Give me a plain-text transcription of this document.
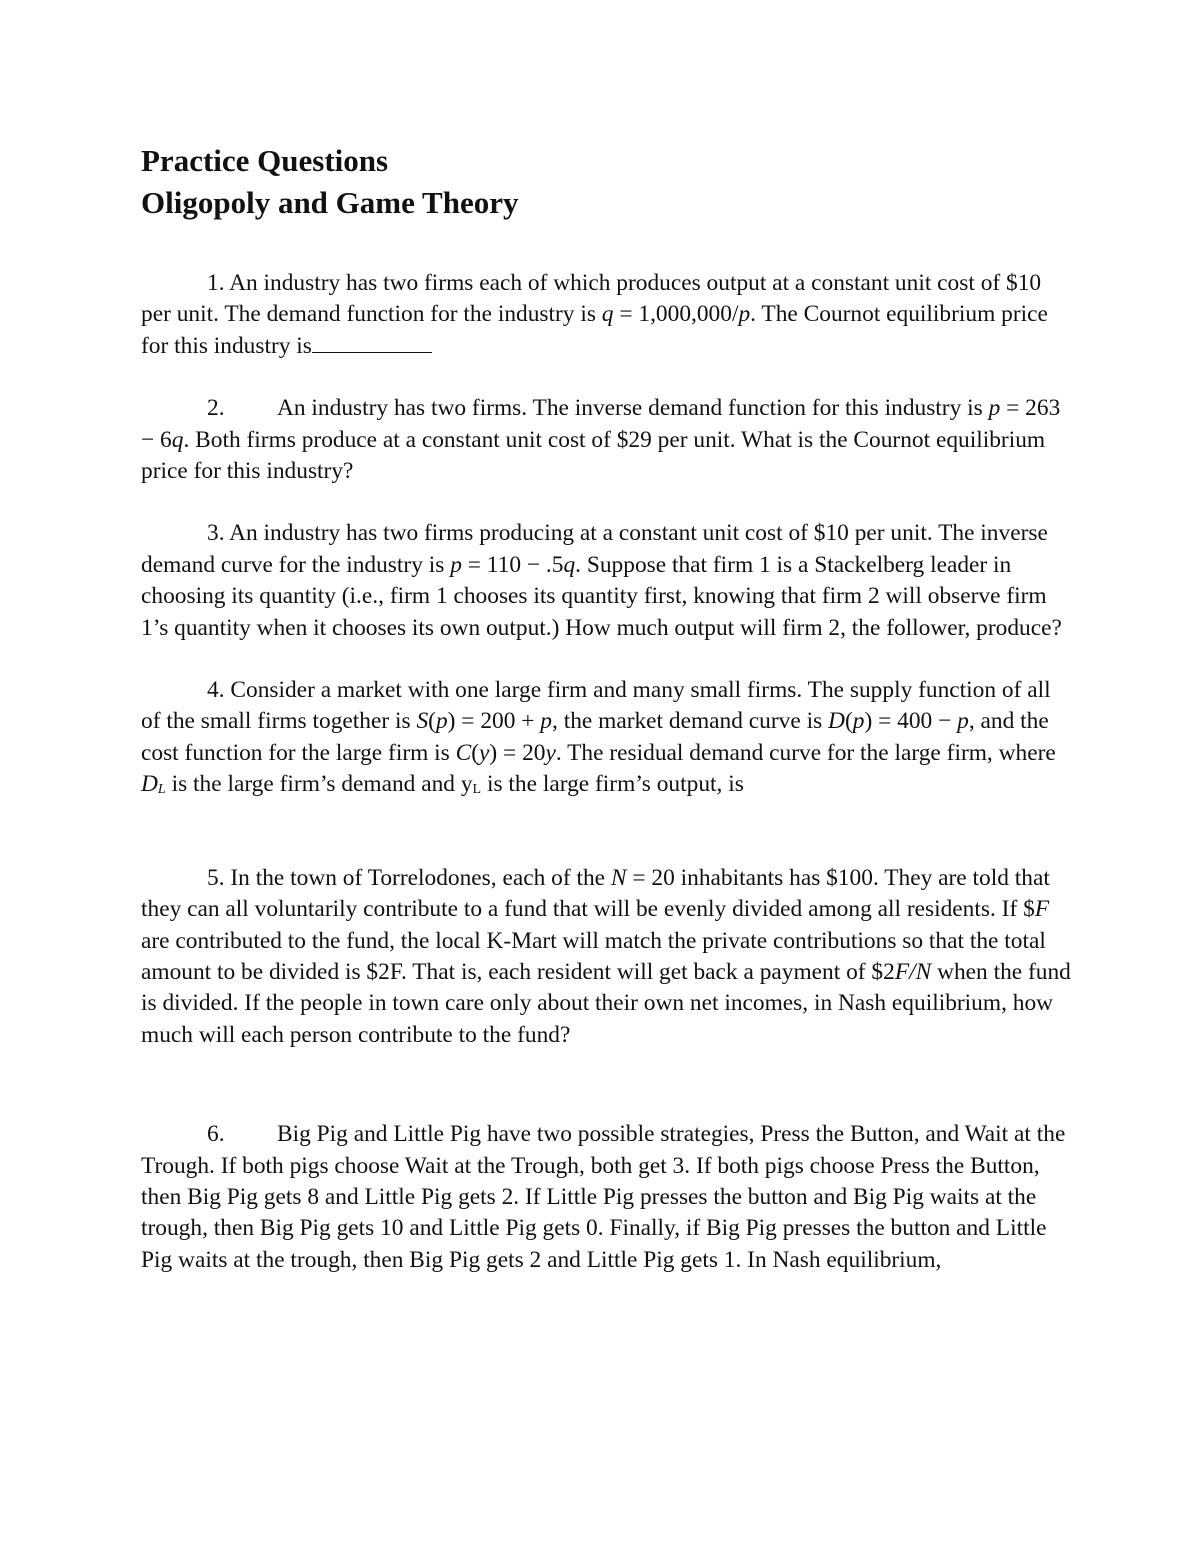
Practice Questions
Oligopoly and Game Theory

1. An industry has two firms each of which produces output at a constant unit cost of $10 per unit. The demand function for the industry is q = 1,000,000/p. The Cournot equilibrium price for this industry is

2. An industry has two firms. The inverse demand function for this industry is p = 263 − 6q. Both firms produce at a constant unit cost of $29 per unit. What is the Cournot equilibrium price for this industry?

3. An industry has two firms producing at a constant unit cost of $10 per unit. The inverse demand curve for the industry is p = 110 − .5q. Suppose that firm 1 is a Stackelberg leader in choosing its quantity (i.e., firm 1 chooses its quantity first, knowing that firm 2 will observe firm 1’s quantity when it chooses its own output.) How much output will firm 2, the follower, produce?

4. Consider a market with one large firm and many small firms. The supply function of all of the small firms together is S(p) = 200 + p, the market demand curve is D(p) = 400 − p, and the cost function for the large firm is C(y) = 20y. The residual demand curve for the large firm, where $D_L$ is the large firm’s demand and $y_L$ is the large firm’s output, is

5. In the town of Torrelodones, each of the N = 20 inhabitants has $100. They are told that they can all voluntarily contribute to a fund that will be evenly divided among all residents. If $F are contributed to the fund, the local K-Mart will match the private contributions so that the total amount to be divided is $2F. That is, each resident will get back a payment of $2F/N when the fund is divided. If the people in town care only about their own net incomes, in Nash equilibrium, how much will each person contribute to the fund?

6. Big Pig and Little Pig have two possible strategies, Press the Button, and Wait at the Trough. If both pigs choose Wait at the Trough, both get 3. If both pigs choose Press the Button, then Big Pig gets 8 and Little Pig gets 2. If Little Pig presses the button and Big Pig waits at the trough, then Big Pig gets 10 and Little Pig gets 0. Finally, if Big Pig presses the button and Little Pig waits at the trough, then Big Pig gets 2 and Little Pig gets 1. In Nash equilibrium,
